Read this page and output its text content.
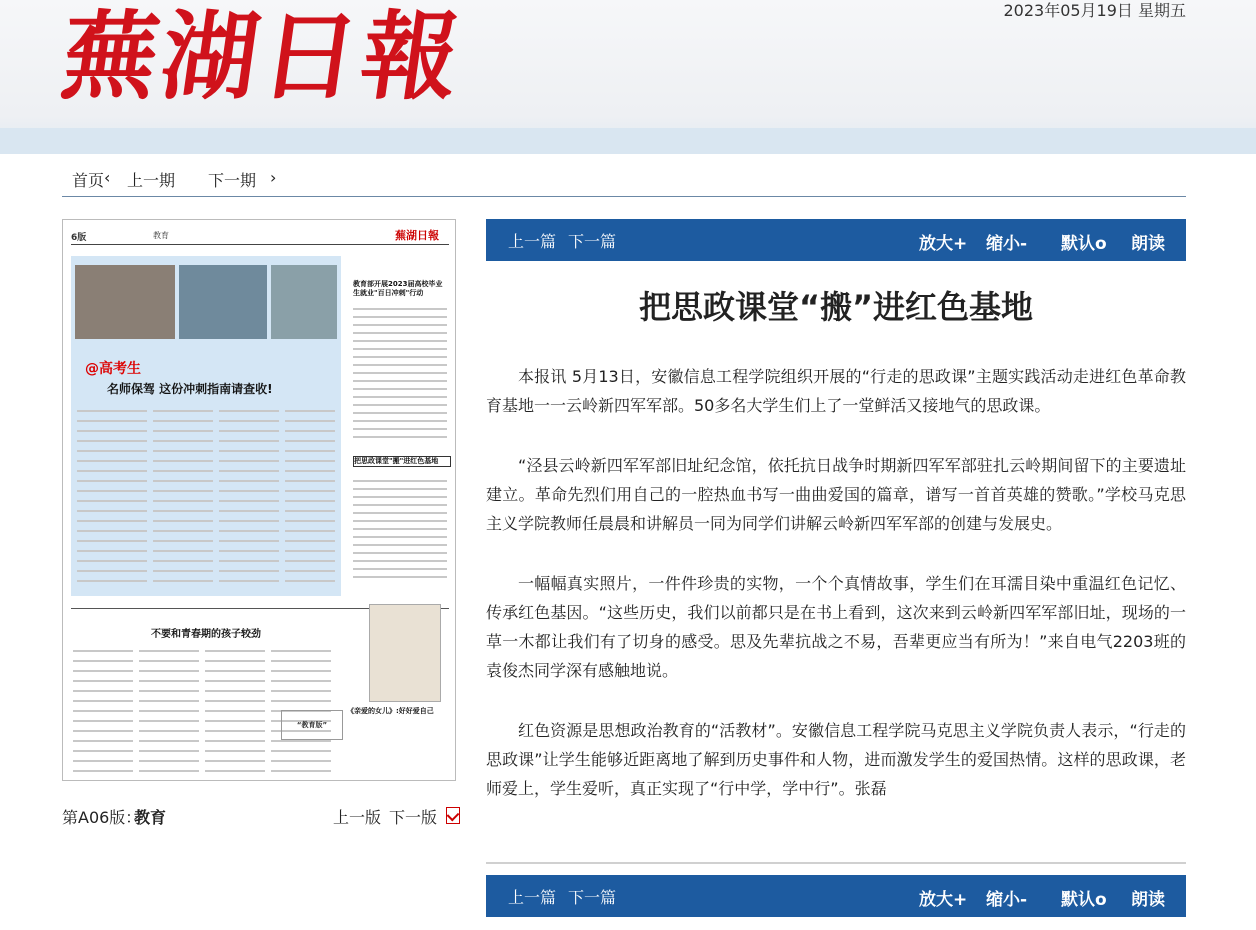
蕪湖日報	2023年05月19日 星期五
首页 ‹ 上一期 下一期 ›
6版	教育	蕪湖日報
@高考生
名师保驾 这份冲刺指南请查收!
教育部开展2023届高校毕业生就业"百日冲刺"行动
把思政课堂"搬"进红色基地
不要和青春期的孩子较劲
《亲爱的女儿》:好好爱自己
“教育版”
第A06版：
教育	上一版 下一版
上一篇 下一篇	放大+ 缩小- 默认o 朗读
把思政课堂“搬”进红色基地

本报讯 5月13日，安徽信息工程学院组织开展的“行走的思政课”主题实践活动走进红色革命教育基地一一云岭新四军军部。50多名大学生们上了一堂鲜活又接地气的思政课。

“泾县云岭新四军军部旧址纪念馆，依托抗日战争时期新四军军部驻扎云岭期间留下的主要遗址建立。革命先烈们用自己的一腔热血书写一曲曲爱国的篇章，谱写一首首英雄的赞歌。”学校马克思主义学院教师任晨晨和讲解员一同为同学们讲解云岭新四军军部的创建与发展史。

一幅幅真实照片，一件件珍贵的实物，一个个真情故事，学生们在耳濡目染中重温红色记忆、传承红色基因。“这些历史，我们以前都只是在书上看到，这次来到云岭新四军军部旧址，现场的一草一木都让我们有了切身的感受。思及先辈抗战之不易，吾辈更应当有所为！”来自电气2203班的袁俊杰同学深有感触地说。

红色资源是思想政治教育的“活教材”。安徽信息工程学院马克思主义学院负责人表示，“行走的思政课”让学生能够近距离地了解到历史事件和人物，进而激发学生的爱国热情。这样的思政课，老师爱上，学生爱听，真正实现了“行中学，学中行”。张磊

上一篇 下一篇	放大+ 缩小- 默认o 朗读
